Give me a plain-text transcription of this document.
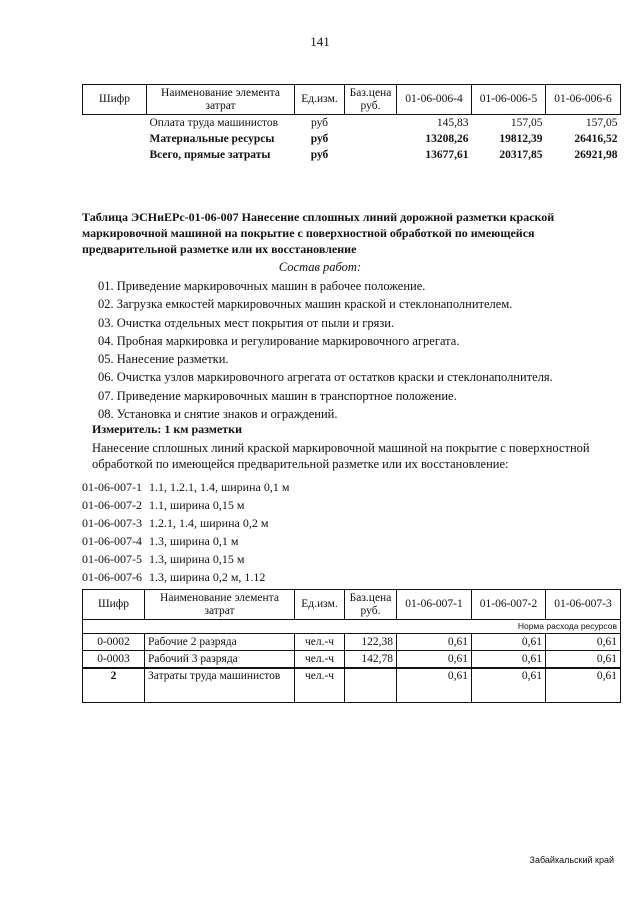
141
Шифр	Наименование элемента затрат	Ед.изм.	Баз.цена руб.	01-06-006-4	01-06-006-5	01-06-006-6
	Оплата труда машинистов	руб		145,83	157,05	157,05
	Материальные ресурсы	руб		13208,26	19812,39	26416,52
	Всего, прямые затраты	руб		13677,61	20317,85	26921,98
Таблица ЭСНиЕРс-01-06-007 Нанесение сплошных линий дорожной разметки краской маркировочной машиной на покрытие с поверхностной обработкой по имеющейся предварительной разметке или их восстановление
Состав работ:
01. Приведение маркировочных машин в рабочее положение.
02. Загрузка емкостей маркировочных машин краской и стеклонаполнителем.
03. Очистка отдельных мест покрытия от пыли и грязи.
04. Пробная маркировка и регулирование маркировочного агрегата.
05. Нанесение разметки.
06. Очистка узлов маркировочного агрегата от остатков краски и стеклонаполнителя.
07. Приведение маркировочных машин в транспортное положение.
08. Установка и снятие знаков и ограждений.
Измеритель: 1 км разметки
Нанесение сплошных линий краской маркировочной машиной на покрытие с поверхностной обработкой по имеющейся предварительной разметке или их восстановление:
01-06-007-1 1.1, 1.2.1, 1.4, ширина 0,1 м
01-06-007-2 1.1, ширина 0,15 м
01-06-007-3 1.2.1, 1.4, ширина 0,2 м
01-06-007-4 1.3, ширина 0,1 м
01-06-007-5 1.3, ширина 0,15 м
01-06-007-6 1.3, ширина 0,2 м, 1.12
Шифр	Наименование элемента затрат	Ед.изм.	Баз.цена руб.	01-06-007-1	01-06-007-2	01-06-007-3
Норма расхода ресурсов						
0-0002	Рабочие 2 разряда	чел.-ч	122,38	0,61	0,61	0,61
0-0003	Рабочий 3 разряда	чел.-ч	142,78	0,61	0,61	0,61
2	Затраты труда машинистов	чел.-ч		0,61	0,61	0,61
Забайкальский край
